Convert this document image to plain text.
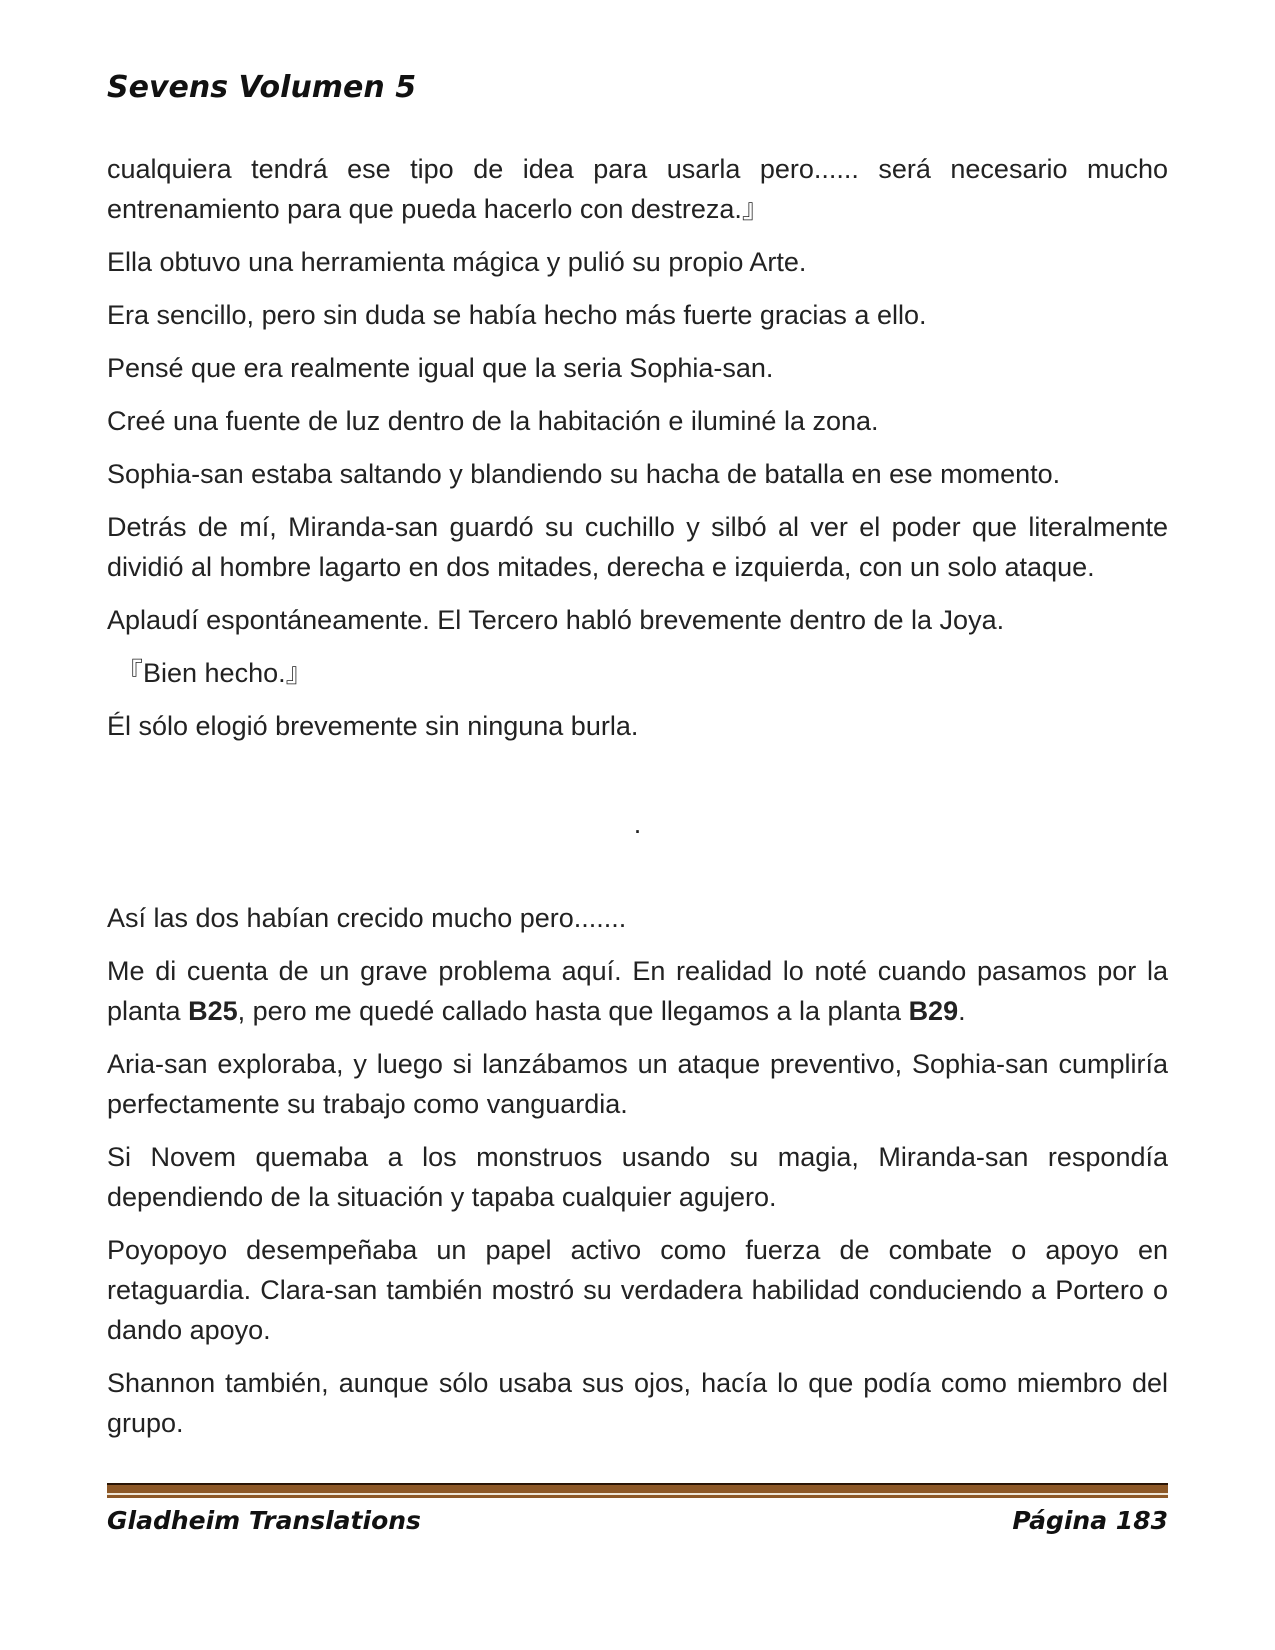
Sevens Volumen 5

cualquiera tendrá ese tipo de idea para usarla pero...... será necesario mucho entrenamiento para que pueda hacerlo con destreza.』

Ella obtuvo una herramienta mágica y pulió su propio Arte.

Era sencillo, pero sin duda se había hecho más fuerte gracias a ello.

Pensé que era realmente igual que la seria Sophia-san.

Creé una fuente de luz dentro de la habitación e iluminé la zona.

Sophia-san estaba saltando y blandiendo su hacha de batalla en ese momento.

Detrás de mí, Miranda-san guardó su cuchillo y silbó al ver el poder que literalmente dividió al hombre lagarto en dos mitades, derecha e izquierda, con un solo ataque.

Aplaudí espontáneamente. El Tercero habló brevemente dentro de la Joya.

『Bien hecho.』

Él sólo elogió brevemente sin ninguna burla.

.

Así las dos habían crecido mucho pero.......

Me di cuenta de un grave problema aquí. En realidad lo noté cuando pasamos por la planta B25, pero me quedé callado hasta que llegamos a la planta B29.

Aria-san exploraba, y luego si lanzábamos un ataque preventivo, Sophia-san cumpliría perfectamente su trabajo como vanguardia.

Si Novem quemaba a los monstruos usando su magia, Miranda-san respondía dependiendo de la situación y tapaba cualquier agujero.

Poyopoyo desempeñaba un papel activo como fuerza de combate o apoyo en retaguardia. Clara-san también mostró su verdadera habilidad conduciendo a Portero o dando apoyo.

Shannon también, aunque sólo usaba sus ojos, hacía lo que podía como miembro del grupo.

Gladheim Translations	Página 183
